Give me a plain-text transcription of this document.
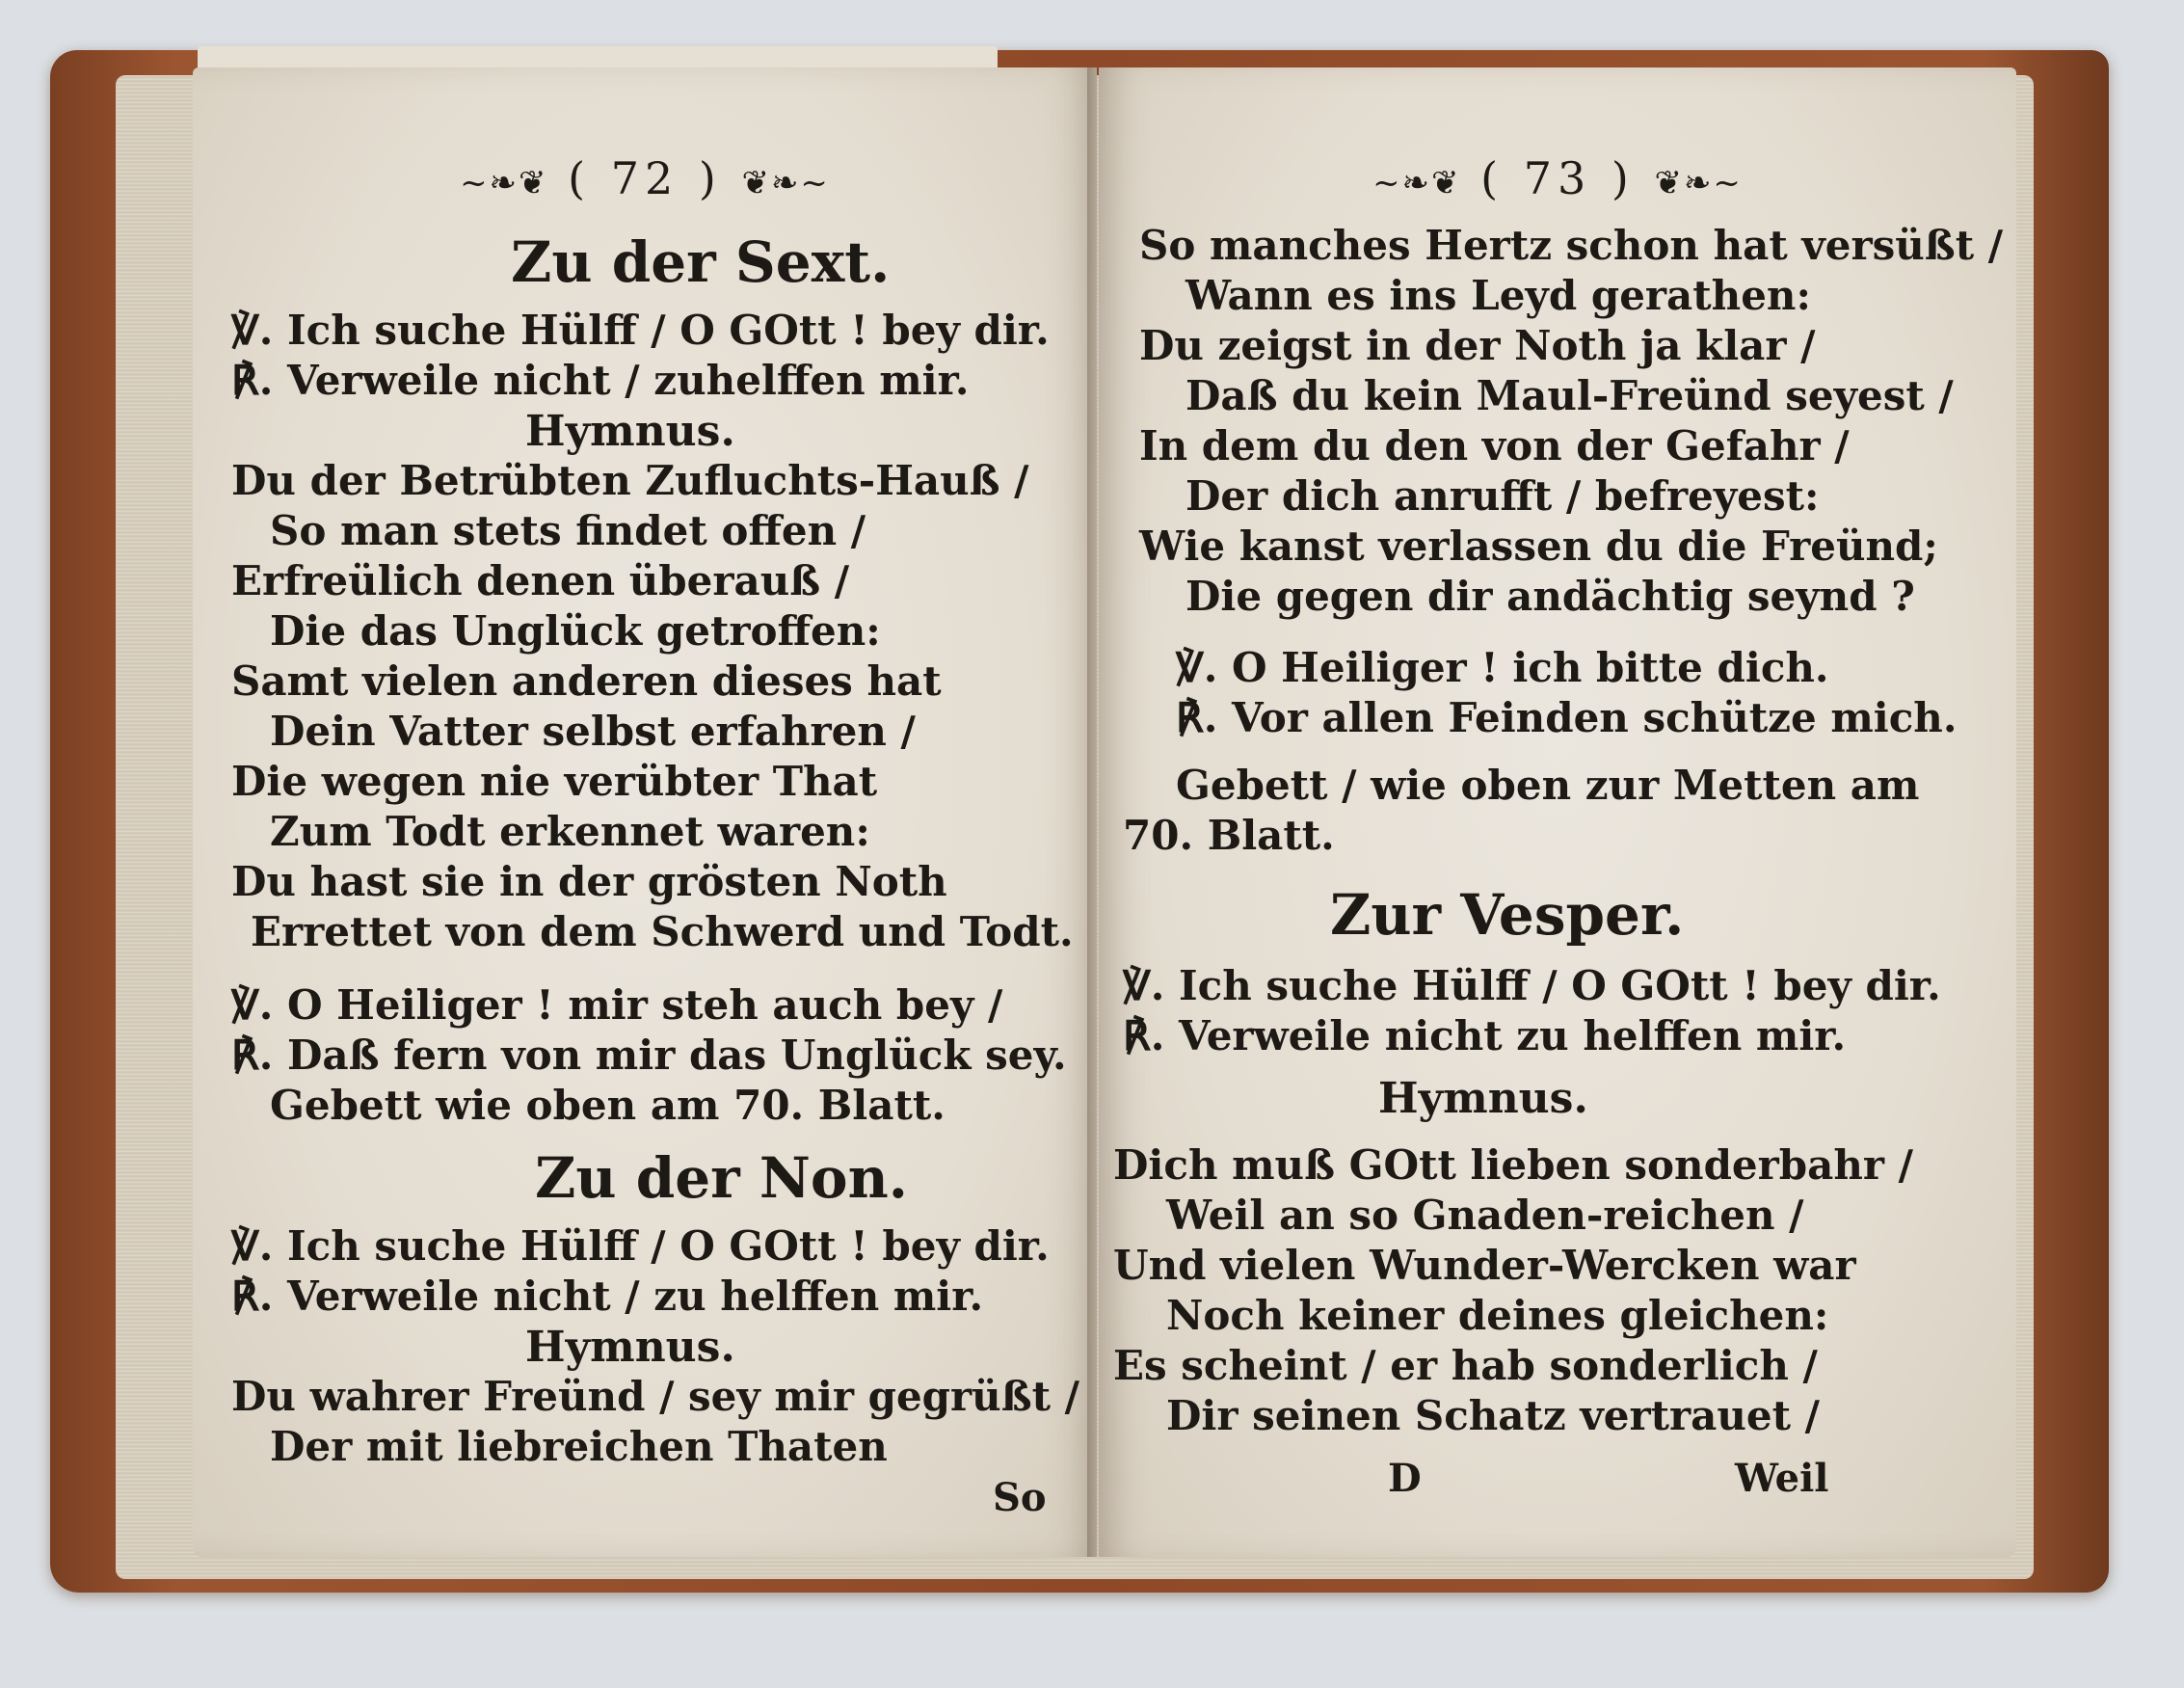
~❧❦ ( 72 ) ❦❧~
Zu der Sext.
℣. Ich suche Hülff / O GOtt ! bey dir.
℟. Verweile nicht / zuhelffen mir.
Hymnus.
Du der Betrübten Zufluchts-Hauß /
So man stets findet offen /
Erfreülich denen überauß /
Die das Unglück getroffen:
Samt vielen anderen dieses hat
Dein Vatter selbst erfahren /
Die wegen nie verübter That
Zum Todt erkennet waren:
Du hast sie in der grösten Noth
Errettet von dem Schwerd und Todt.
℣. O Heiliger ! mir steh auch bey /
℟. Daß fern von mir das Unglück sey.
Gebett wie oben am 70. Blatt.
Zu der Non.
℣. Ich suche Hülff / O GOtt ! bey dir.
℟. Verweile nicht / zu helffen mir.
Hymnus.
Du wahrer Freünd / sey mir gegrüßt /
Der mit liebreichen Thaten
So
~❧❦ ( 73 ) ❦❧~
So manches Hertz schon hat versüßt /
Wann es ins Leyd gerathen:
Du zeigst in der Noth ja klar /
Daß du kein Maul-Freünd seyest /
In dem du den von der Gefahr /
Der dich anrufft / befreyest:
Wie kanst verlassen du die Freünd;
Die gegen dir andächtig seynd ?
℣. O Heiliger ! ich bitte dich.
℟. Vor allen Feinden schütze mich.
Gebett / wie oben zur Metten am
70. Blatt.
Zur Vesper.
℣. Ich suche Hülff / O GOtt ! bey dir.
℟. Verweile nicht zu helffen mir.
Hymnus.
Dich muß GOtt lieben sonderbahr /
Weil an so Gnaden-reichen /
Und vielen Wunder-Wercken war
Noch keiner deines gleichen:
Es scheint / er hab sonderlich /
Dir seinen Schatz vertrauet /
D	Weil
